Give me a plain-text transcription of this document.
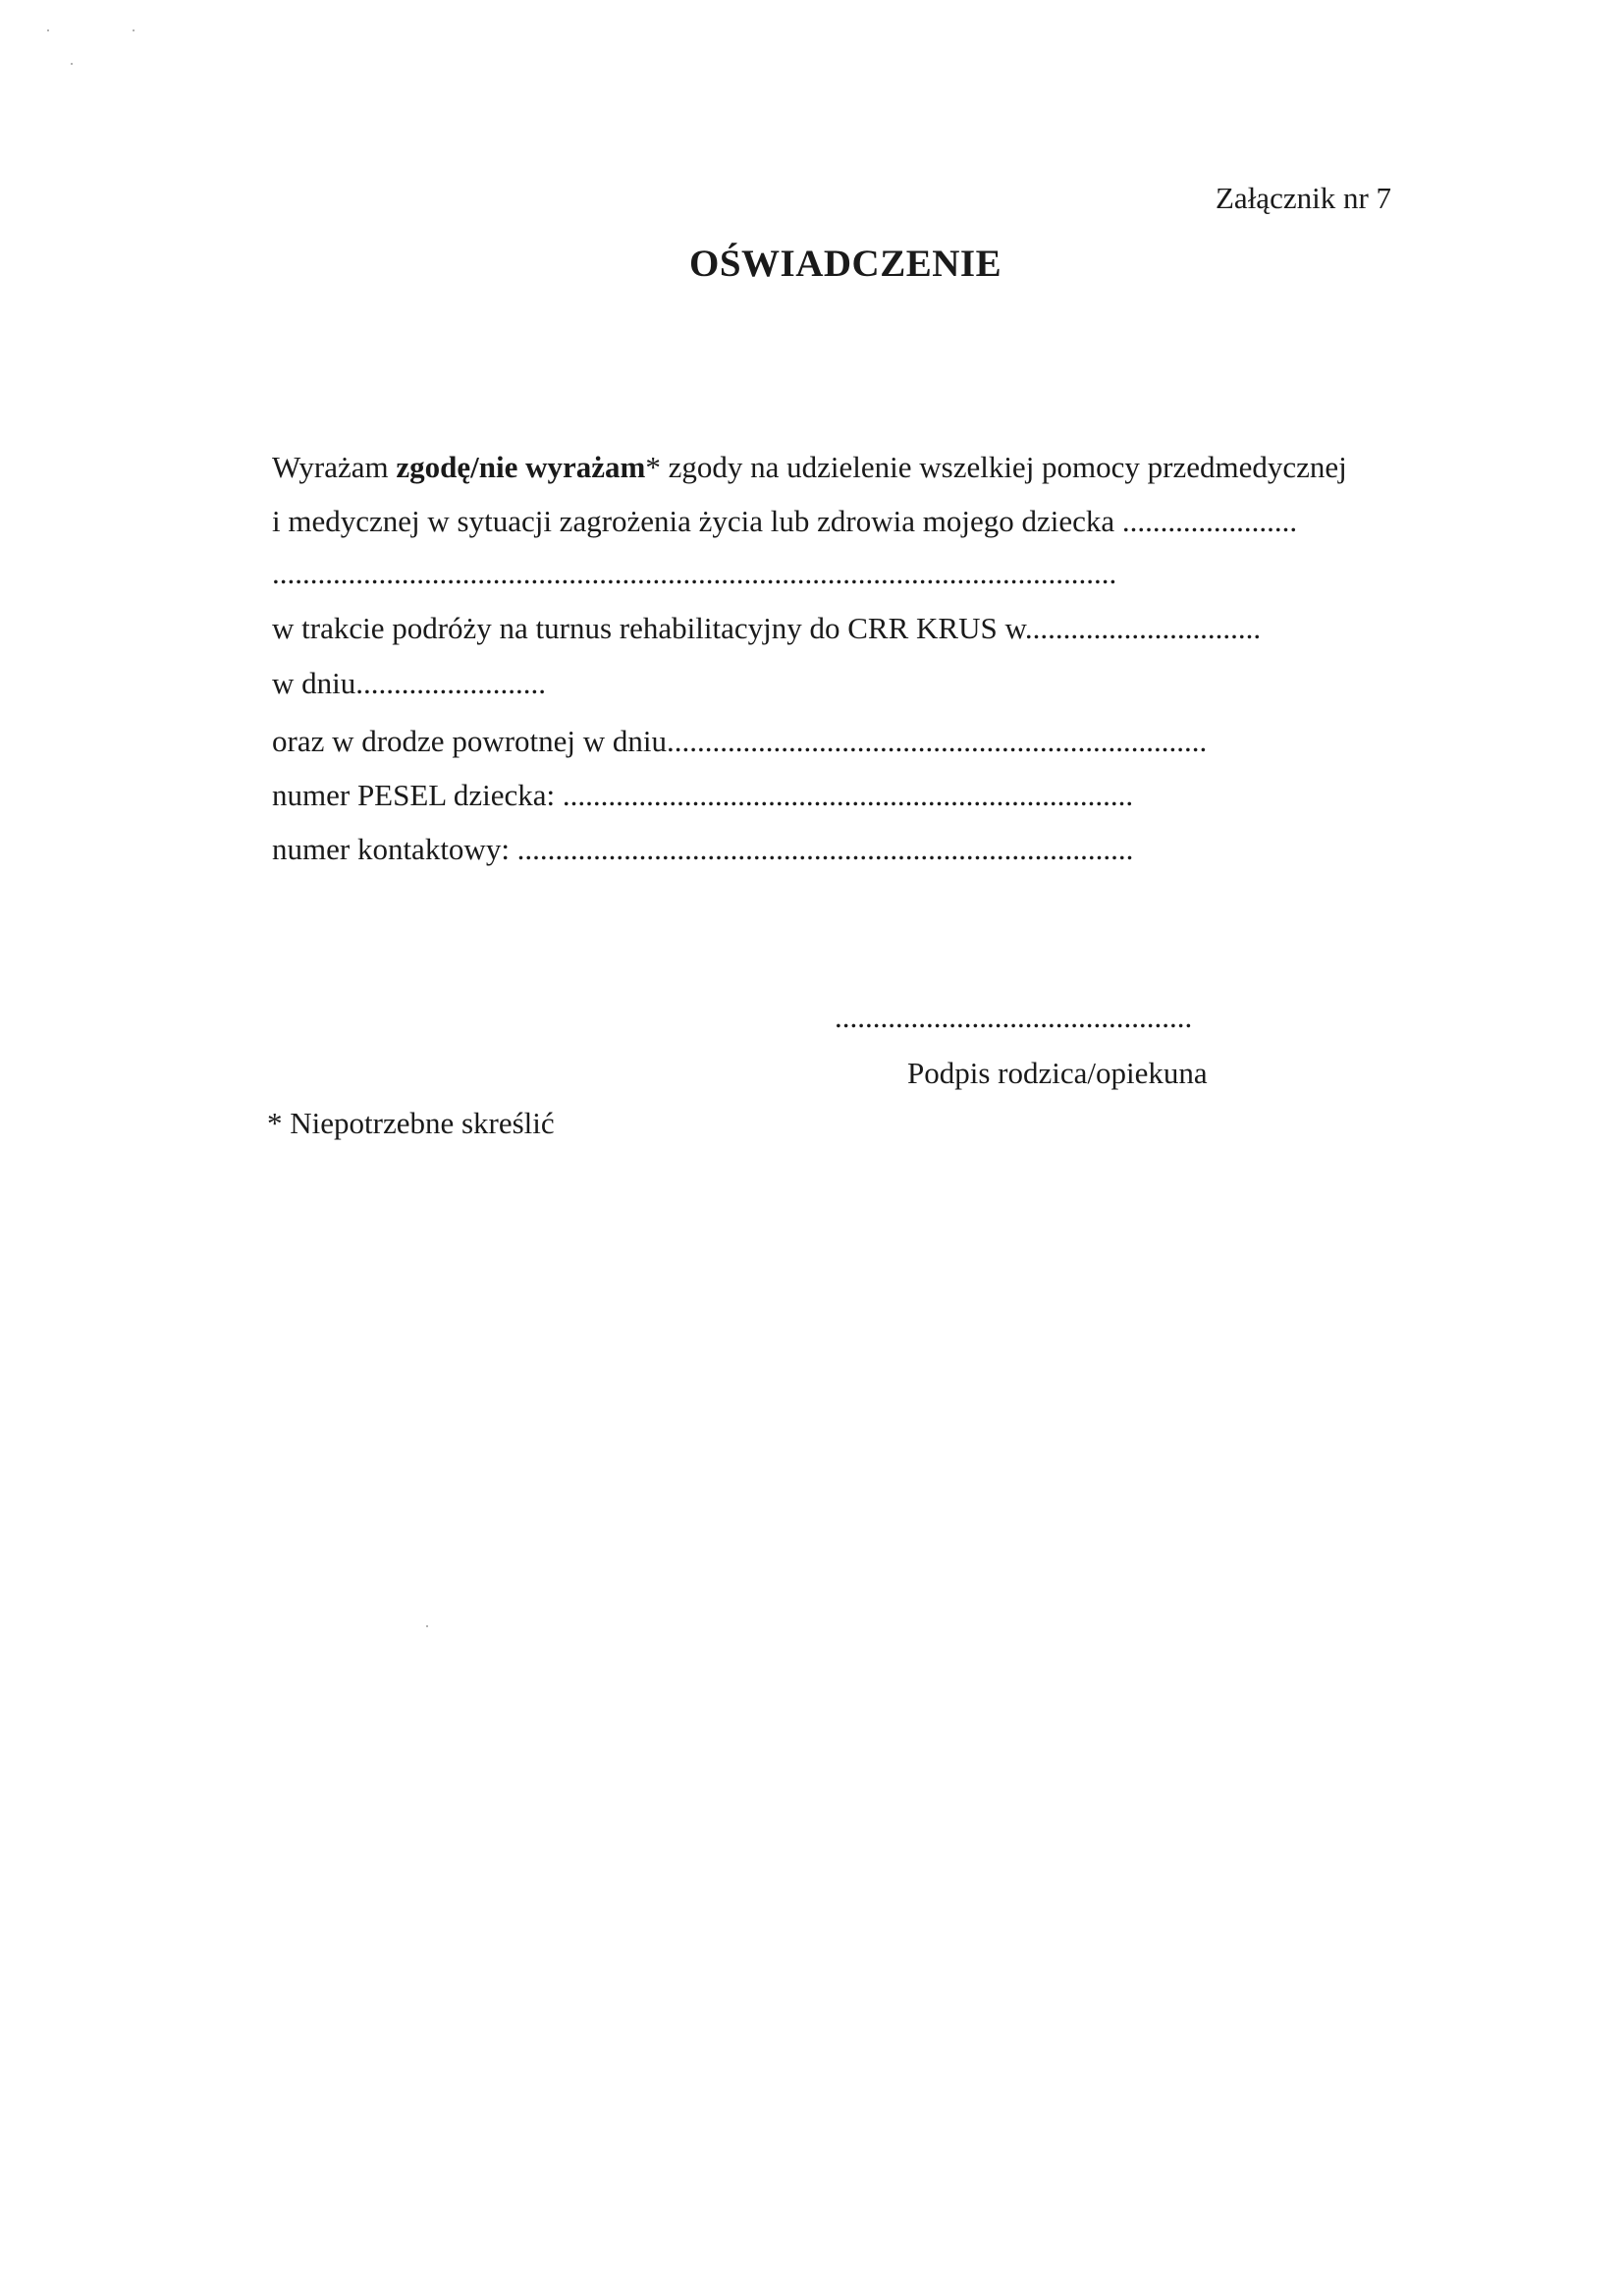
Załącznik nr 7
OŚWIADCZENIE
Wyrażam zgodę/nie wyrażam* zgody na udzielenie wszelkiej pomocy przedmedycznej
i medycznej w sytuacji zagrożenia życia lub zdrowia mojego dziecka .......................
...............................................................................................................
w trakcie podróży na turnus rehabilitacyjny do CRR KRUS w...............................
w dniu.........................
oraz w drodze powrotnej w dniu.......................................................................
numer PESEL dziecka: ...........................................................................
numer kontaktowy: .................................................................................
...............................................
Podpis rodzica/opiekuna
* Niepotrzebne skreślić
